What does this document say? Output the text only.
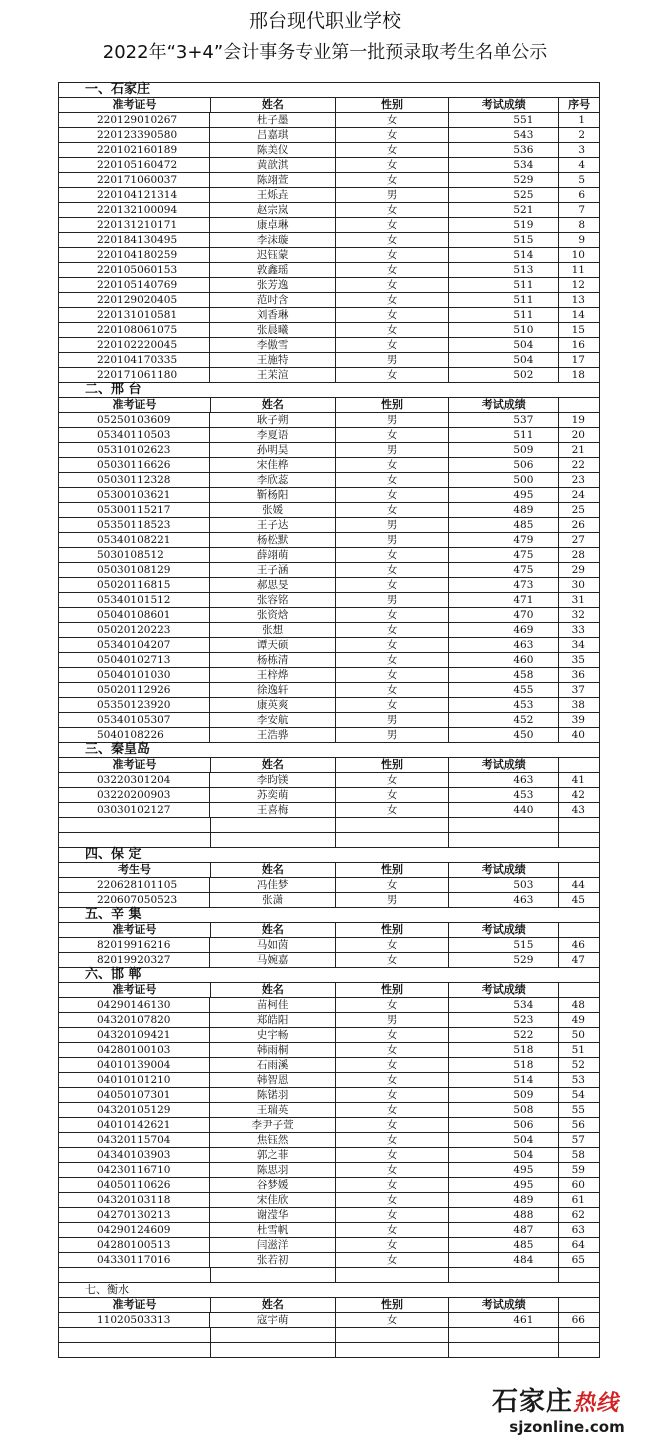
邢台现代职业学校
2022年“3+4”会计事务专业第一批预录取考生名单公示
一、石家庄
准考证号	姓名	性别	考试成绩	序号
220129010267	杜子墨	女	551	1
220123390580	吕嘉琪	女	543	2
220102160189	陈美仪	女	536	3
220105160472	黄歆淇	女	534	4
220171060037	陈翊萱	女	529	5
220104121314	王烁垚	男	525	6
220132100094	赵宗岚	女	521	7
220131210171	康卓琳	女	519	8
220184130495	李沫璇	女	515	9
220104180259	迟钰蒙	女	514	10
220105060153	敦鑫瑶	女	513	11
220105140769	张芳逸	女	511	12
220129020405	范吋含	女	511	13
220131010581	刘香琳	女	511	14
220108061075	张晨曦	女	510	15
220102220045	李傲雪	女	504	16
220104170335	王施特	男	504	17
220171061180	王茉渲	女	502	18
二、邢 台
准考证号	姓名	性别	考试成绩
05250103609	耿子朔	男	537	19
05340110503	李夏语	女	511	20
05310102623	孙明昊	男	509	21
05030116626	宋佳桦	女	506	22
05030112328	李欣蕊	女	500	23
05300103621	靳杨阳	女	495	24
05300115217	张媛	女	489	25
05350118523	王子达	男	485	26
05340108221	杨松默	男	479	27
5030108512	薛翊萌	女	475	28
05030108129	王子涵	女	475	29
05020116815	郝思旻	女	473	30
05340101512	张容铭	男	471	31
05040108601	张资焓	女	470	32
05020120223	张想	女	469	33
05340104207	谭天硕	女	463	34
05040102713	杨栋清	女	460	35
05040101030	王梓烨	女	458	36
05020112926	徐逸轩	女	455	37
05350123920	康英爽	女	453	38
05340105307	李安航	男	452	39
5040108226	王浩骅	男	450	40
三、秦皇岛
准考证号	姓名	性别	考试成绩
03220301204	李昀镁	女	463	41
03220200903	苏奕萌	女	453	42
03030102127	王喜梅	女	440	43
四、保 定
考生号	姓名	性别	考试成绩
220628101105	冯佳梦	女	503	44
220607050523	张潇	男	463	45
五、辛 集
准考证号	姓名	性别	考试成绩
82019916216	马如茵	女	515	46
82019920327	马婉嘉	女	529	47
六、邯 郸
准考证号	姓名	性别	考试成绩
04290146130	苗柯佳	女	534	48
04320107820	郑皓阳	男	523	49
04320109421	史宇畅	女	522	50
04280100103	韩雨桐	女	518	51
04010139004	石雨溪	女	518	52
04010101210	韩智恩	女	514	53
04050107301	陈锘羽	女	509	54
04320105129	王瑞英	女	508	55
04010142621	李尹子萱	女	506	56
04320115704	焦钰然	女	504	57
04340103903	郭之菲	女	504	58
04230116710	陈思羽	女	495	59
04050110626	谷梦媛	女	495	60
04320103118	宋佳欣	女	489	61
04270130213	谢滢华	女	488	62
04290124609	杜雪帆	女	487	63
04280100513	闫滋洋	女	485	64
04330117016	张若初	女	484	65
七、衡水
准考证号	姓名	性别	考试成绩
11020503313	寇宇萌	女	461	66
石家庄热线
sjzonline.com
